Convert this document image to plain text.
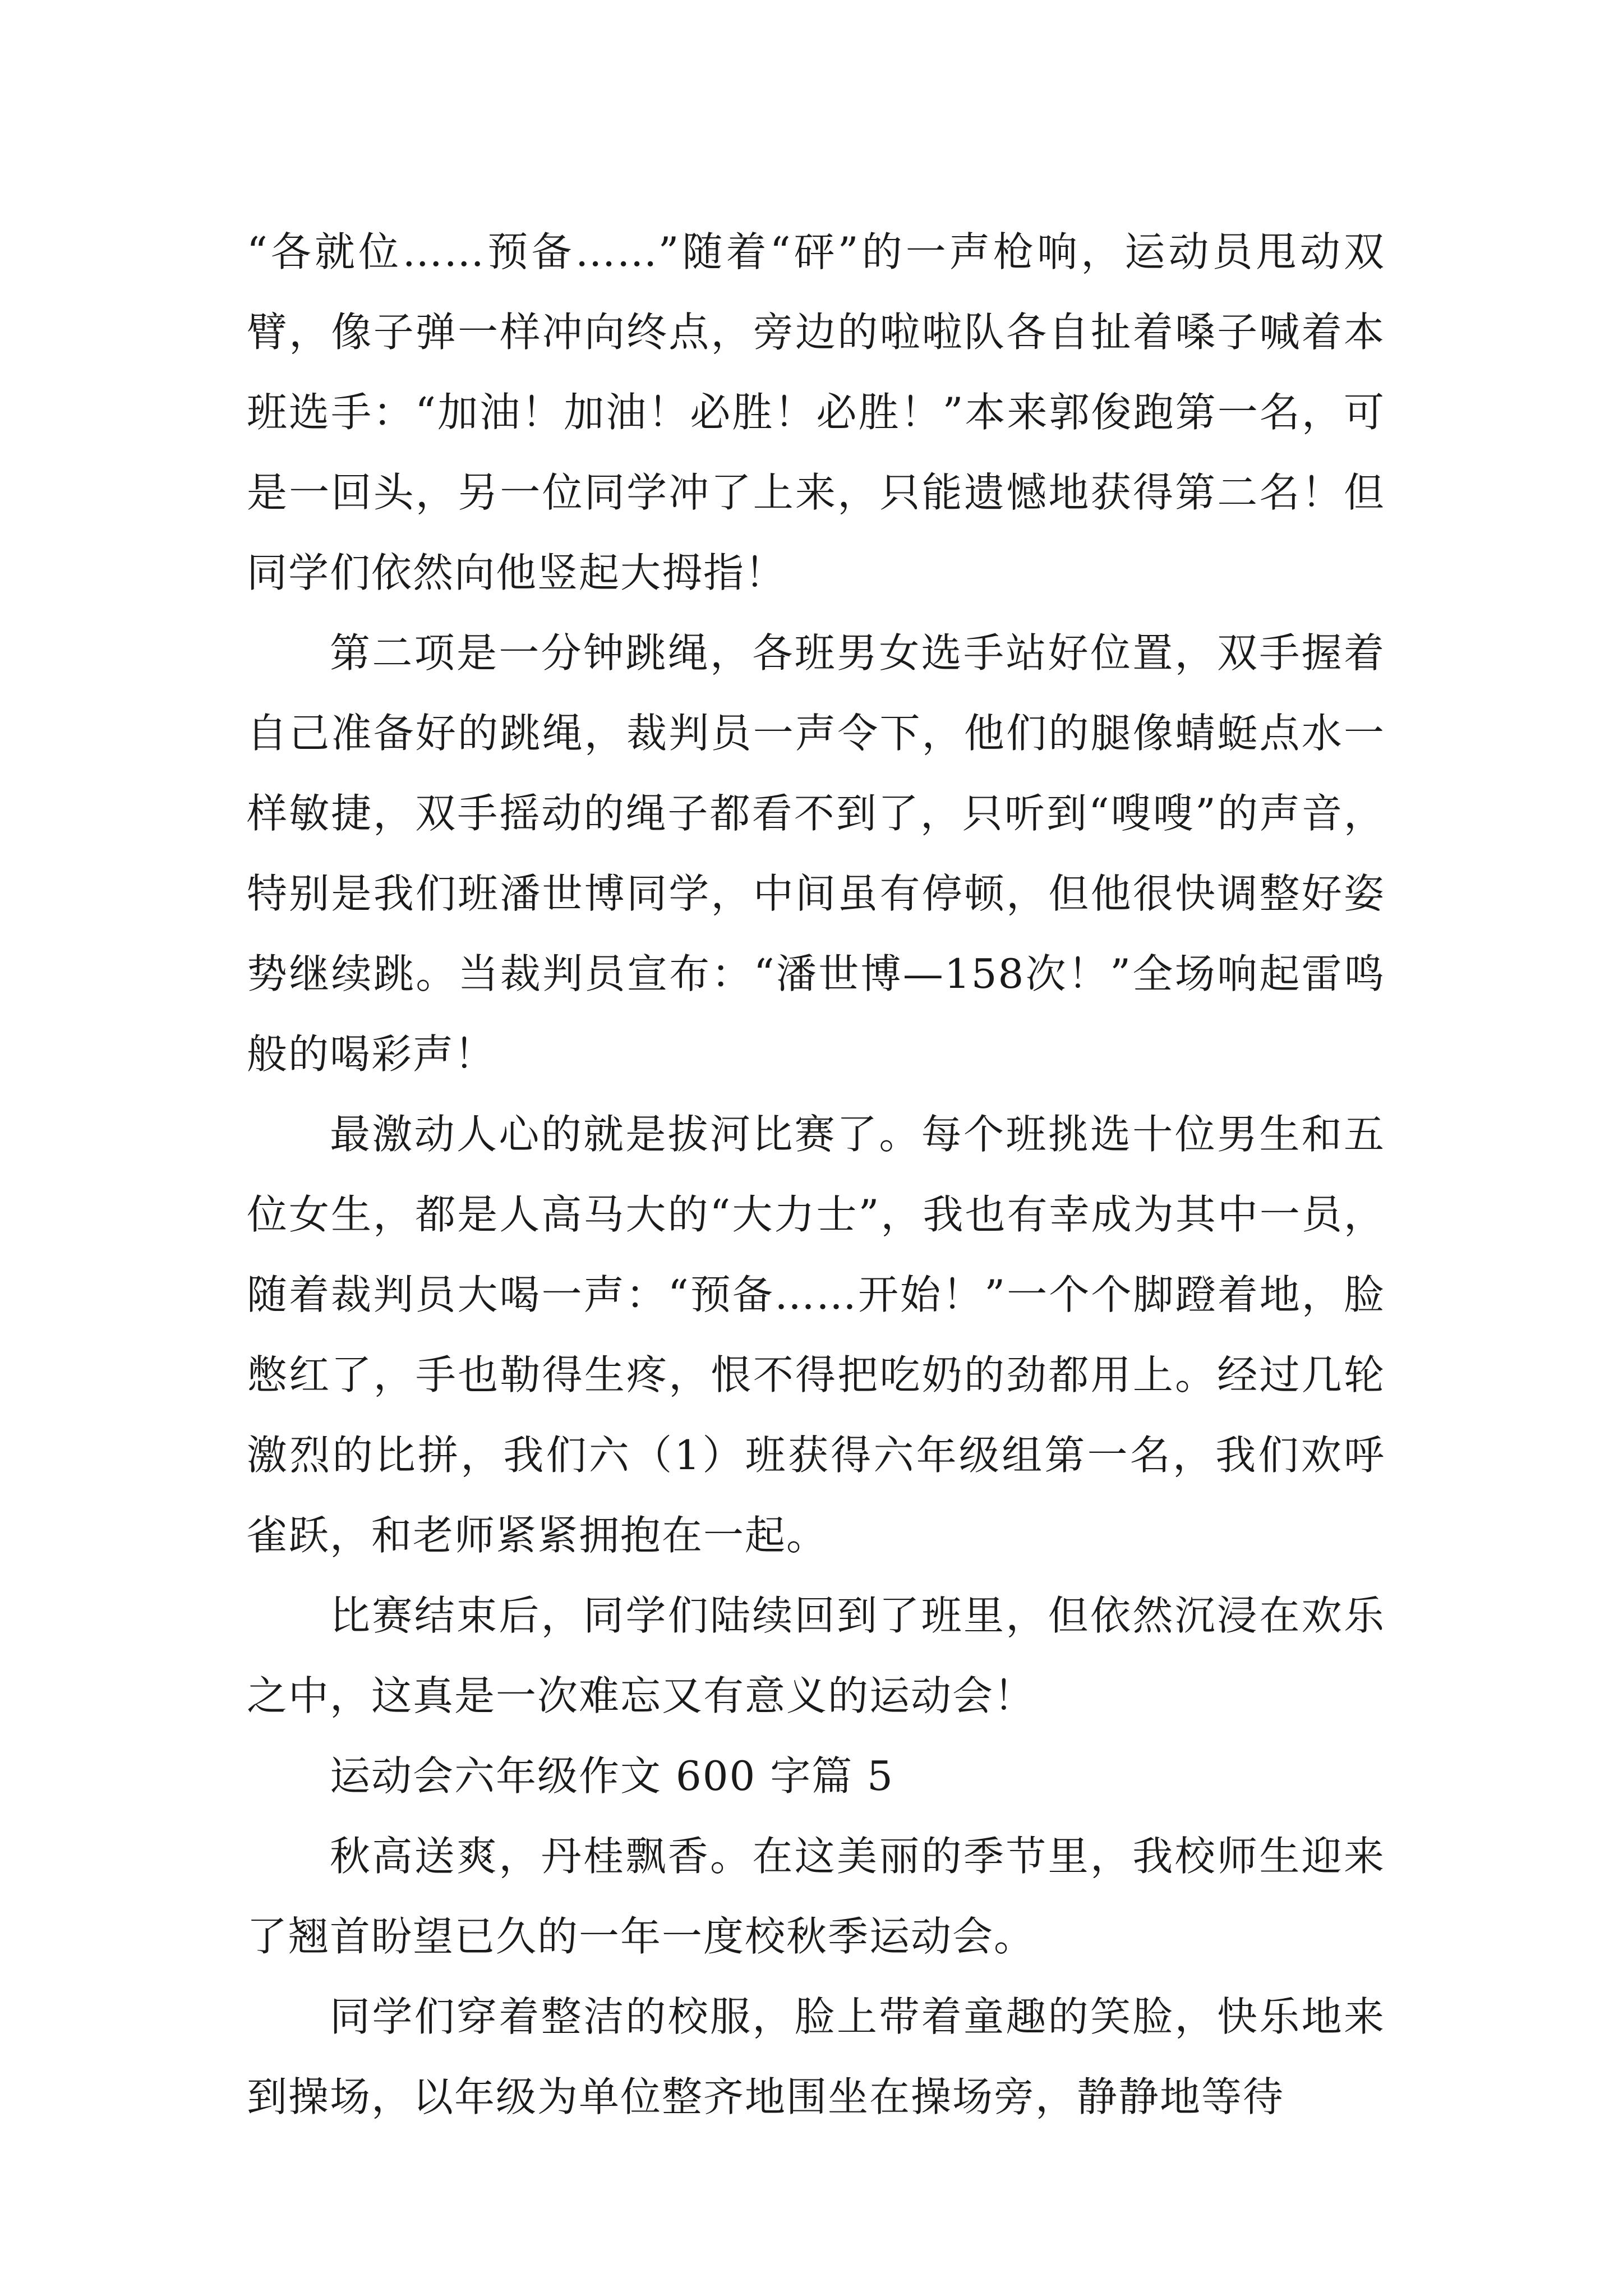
“各就位……预备……”随着“砰”的一声枪响，运动员甩动双臂，像子弹一样冲向终点，旁边的啦啦队各自扯着嗓子喊着本班选手：“加油！加油！必胜！必胜！”本来郭俊跑第一名，可是一回头，另一位同学冲了上来，只能遗憾地获得第二名！但同学们依然向他竖起大拇指！

第二项是一分钟跳绳，各班男女选手站好位置，双手握着自己准备好的跳绳，裁判员一声令下，他们的腿像蜻蜓点水一样敏捷，双手摇动的绳子都看不到了，只听到“嗖嗖”的声音，特别是我们班潘世博同学，中间虽有停顿，但他很快调整好姿势继续跳。当裁判员宣布：“潘世博—158次！”全场响起雷鸣般的喝彩声！

最激动人心的就是拔河比赛了。每个班挑选十位男生和五位女生，都是人高马大的“大力士”，我也有幸成为其中一员，随着裁判员大喝一声：“预备……开始！”一个个脚蹬着地，脸憋红了，手也勒得生疼，恨不得把吃奶的劲都用上。经过几轮激烈的比拼，我们六（1）班获得六年级组第一名，我们欢呼雀跃，和老师紧紧拥抱在一起。

比赛结束后，同学们陆续回到了班里，但依然沉浸在欢乐之中，这真是一次难忘又有意义的运动会！

运动会六年级作文 600 字篇 5

秋高送爽，丹桂飘香。在这美丽的季节里，我校师生迎来了翘首盼望已久的一年一度校秋季运动会。

同学们穿着整洁的校服，脸上带着童趣的笑脸，快乐地来到操场，以年级为单位整齐地围坐在操场旁，静静地等待
